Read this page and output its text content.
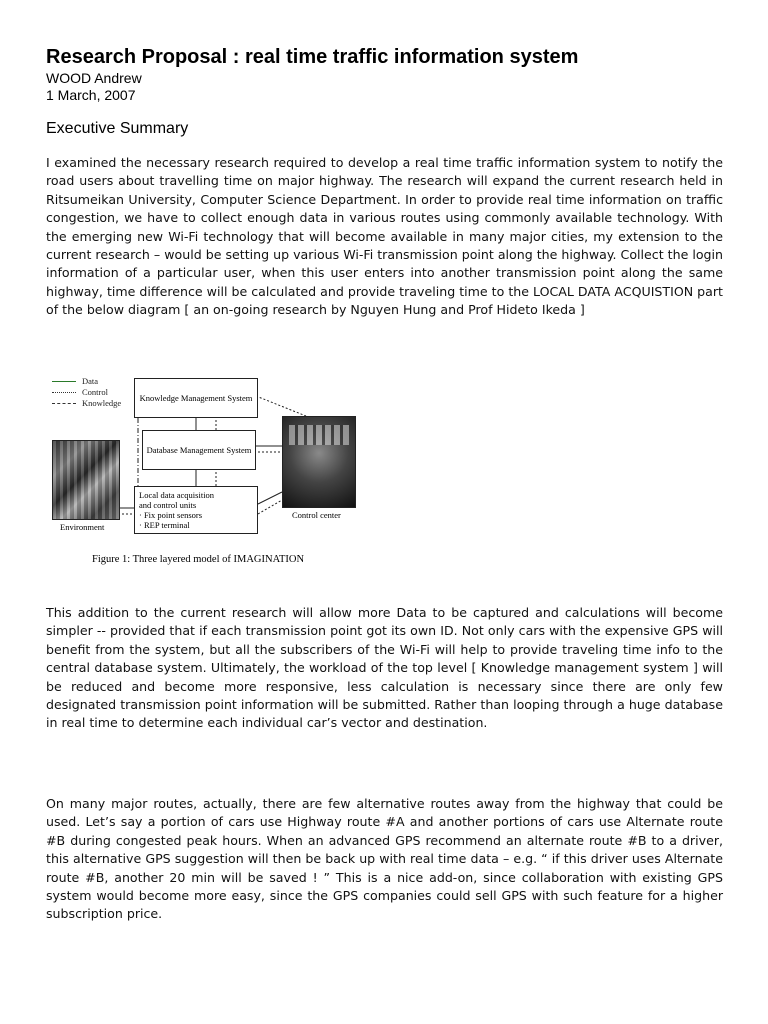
Research Proposal : real time traffic information system
WOOD Andrew
1 March, 2007
Executive Summary

I examined the necessary research required to develop a real time traffic information system to notify the road users about travelling time on major highway. The research will expand the current research held in Ritsumeikan University, Computer Science Department. In order to provide real time information on traffic congestion, we have to collect enough data in various routes using commonly available technology. With the emerging new Wi-Fi technology that will become available in many major cities, my extension to the current research – would be setting up various Wi-Fi transmission point along the highway. Collect the login information of a particular user, when this user enters into another transmission point along the same highway, time difference will be calculated and provide traveling time to the LOCAL DATA ACQUISTION part of the below diagram [ an on-going research by Nguyen Hung and Prof Hideto Ikeda ]

Data
Control
Knowledge	Knowledge Management System
Database Management System
Local data acquisition
and control units
· Fix point sensors
· REP terminal
Environment
Control center
Figure 1: Three layered model of IMAGINATION

This addition to the current research will allow more Data to be captured and calculations will become simpler -- provided that if each transmission point got its own ID. Not only cars with the expensive GPS will benefit from the system, but all the subscribers of the Wi-Fi will help to provide traveling time info to the central database system. Ultimately, the workload of the top level [ Knowledge management system ] will be reduced and become more responsive, less calculation is necessary since there are only few designated transmission point information will be submitted. Rather than looping through a huge database in real time to determine each individual car’s vector and destination.

On many major routes, actually, there are few alternative routes away from the highway that could be used. Let’s say a portion of cars use Highway route #A and another portions of cars use Alternate route #B during congested peak hours. When an advanced GPS recommend an alternate route #B to a driver, this alternative GPS suggestion will then be back up with real time data – e.g. “ if this driver uses Alternate route #B, another 20 min will be saved ! ” This is a nice add-on, since collaboration with existing GPS system would become more easy, since the GPS companies could sell GPS with such feature for a higher subscription price.
